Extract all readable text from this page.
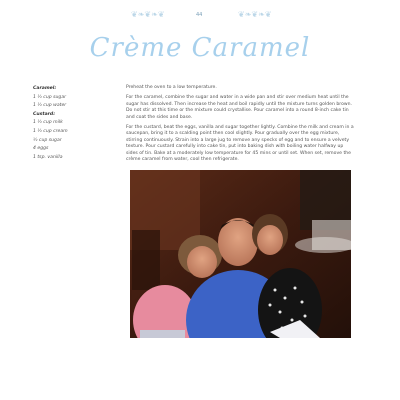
❦❧❦❧❦	44	❦❧❦❧❦
Crème Caramel
Caramel:
1 ½ cup sugar
1 ½ cup water
Custard:
1 ½ cup milk
1 ½ cup cream
½ cup sugar
4 eggs
1 tsp. vanilla

Preheat the oven to a low temperature.

For the caramel, combine the sugar and water in a wide pan and stir over medium heat until the sugar has dissolved. Then increase the heat and boil rapidly until the mixture turns golden brown. Do not stir at this time or the mixture could crystallise. Pour caramel into a round 8-inch cake tin and coat the sides and base.

For the custard, beat the eggs, vanilla and sugar together lightly. Combine the milk and cream in a saucepan, bring it to a scalding point then cool slightly. Pour gradually over the egg mixture, stirring continuously. Strain into a large jug to remove any specks of egg and to ensure a velvety texture. Pour custard carefully into cake tin, put into baking dish with boiling water halfway up sides of tin. Bake at a moderately low temperature for 45 mins or until set. When set, remove the crème caramel from water, cool then refrigerate.
